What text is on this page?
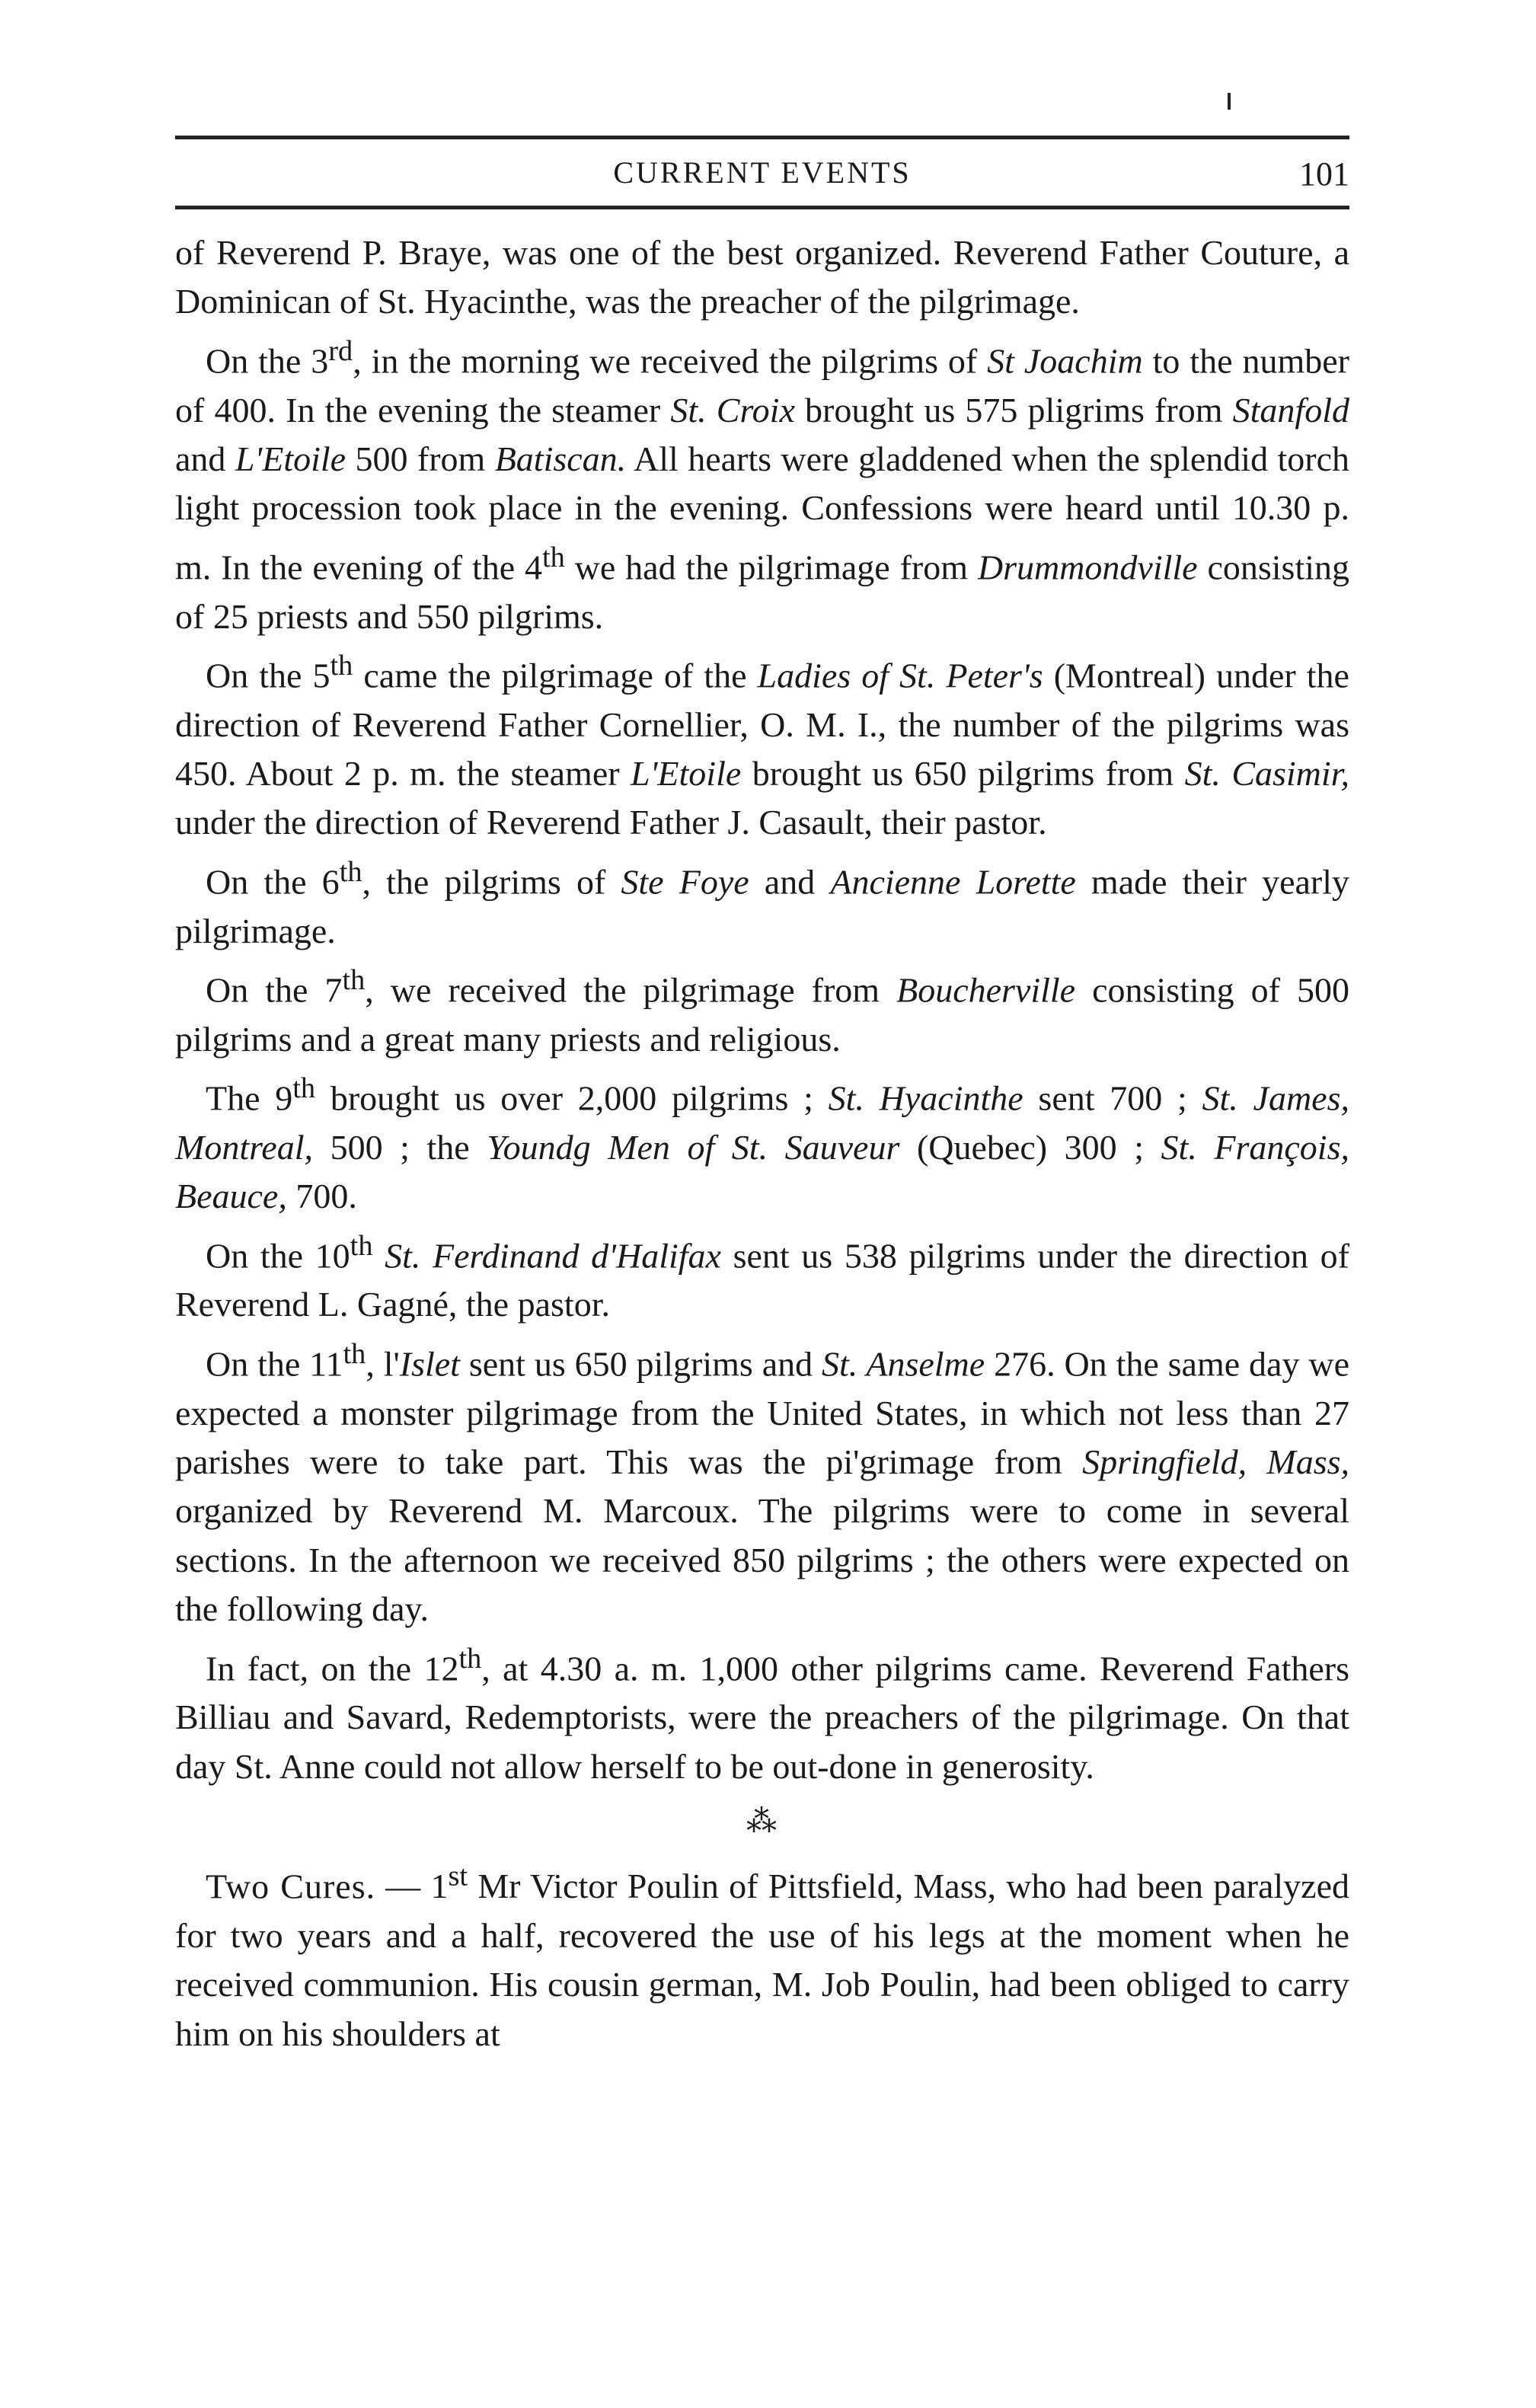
CURRENT EVENTS	101

of Reverend P. Braye, was one of the best organized. Reverend Father Couture, a Dominican of St. Hyacinthe, was the preacher of the pilgrimage.

On the 3rd, in the morning we received the pilgrims of St Joachim to the number of 400. In the evening the steamer St. Croix brought us 575 pligrims from Stanfold and L'Etoile 500 from Batiscan. All hearts were gladdened when the splendid torch light procession took place in the evening. Confessions were heard until 10.30 p. m. In the evening of the 4th we had the pilgrimage from Drummondville consisting of 25 priests and 550 pilgrims.

On the 5th came the pilgrimage of the Ladies of St. Peter's (Montreal) under the direction of Reverend Father Cornellier, O. M. I., the number of the pilgrims was 450. About 2 p. m. the steamer L'Etoile brought us 650 pilgrims from St. Casimir, under the direction of Reverend Father J. Casault, their pastor.

On the 6th, the pilgrims of Ste Foye and Ancienne Lorette made their yearly pilgrimage.

On the 7th, we received the pilgrimage from Boucherville consisting of 500 pilgrims and a great many priests and religious.

The 9th brought us over 2,000 pilgrims ; St. Hyacinthe sent 700 ; St. James, Montreal, 500 ; the Youndg Men of St. Sauveur (Quebec) 300 ; St. François, Beauce, 700.

On the 10th St. Ferdinand d'Halifax sent us 538 pilgrims under the direction of Reverend L. Gagné, the pastor.

On the 11th, l'Islet sent us 650 pilgrims and St. Anselme 276. On the same day we expected a monster pilgrimage from the United States, in which not less than 27 parishes were to take part. This was the pi'grimage from Springfield, Mass, organized by Reverend M. Marcoux. The pilgrims were to come in several sections. In the afternoon we received 850 pilgrims ; the others were expected on the following day.

In fact, on the 12th, at 4.30 a. m. 1,000 other pilgrims came. Reverend Fathers Billiau and Savard, Redemptorists, were the preachers of the pilgrimage. On that day St. Anne could not allow herself to be out-done in generosity.

⁂

Two Cures. — 1st Mr Victor Poulin of Pittsfield, Mass, who had been paralyzed for two years and a half, recovered the use of his legs at the moment when he received communion. His cousin german, M. Job Poulin, had been obliged to carry him on his shoulders at
